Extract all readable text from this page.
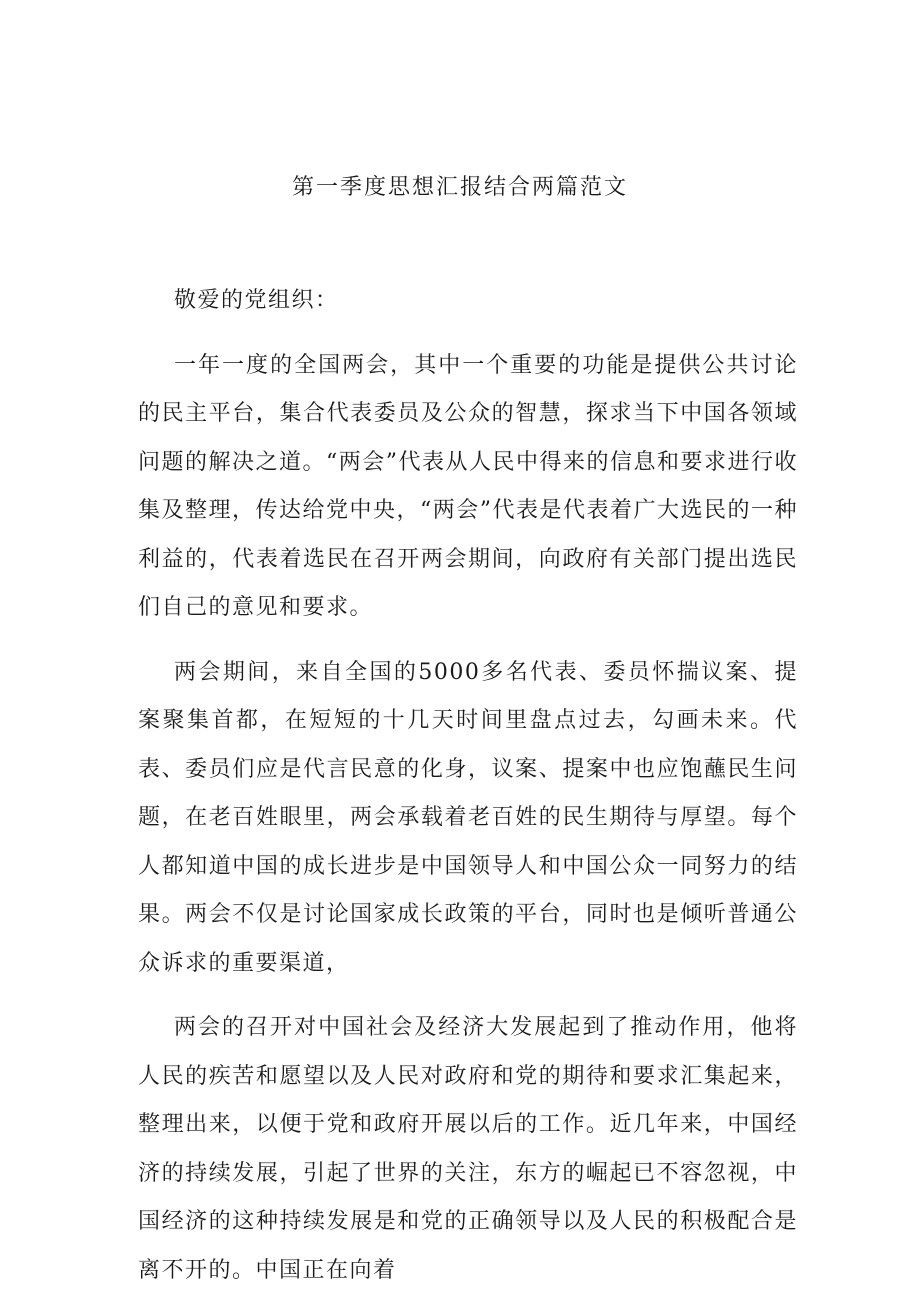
第一季度思想汇报结合两篇范文

敬爱的党组织：

一年一度的全国两会，其中一个重要的功能是提供公共讨论的民主平台，集合代表委员及公众的智慧，探求当下中国各领域问题的解决之道。“两会”代表从人民中得来的信息和要求进行收集及整理，传达给党中央，“两会”代表是代表着广大选民的一种利益的，代表着选民在召开两会期间，向政府有关部门提出选民们自己的意见和要求。

两会期间，来自全国的5000多名代表、委员怀揣议案、提案聚集首都，在短短的十几天时间里盘点过去，勾画未来。代表、委员们应是代言民意的化身，议案、提案中也应饱蘸民生问题，在老百姓眼里，两会承载着老百姓的民生期待与厚望。每个人都知道中国的成长进步是中国领导人和中国公众一同努力的结果。两会不仅是讨论国家成长政策的平台，同时也是倾听普通公众诉求的重要渠道，

两会的召开对中国社会及经济大发展起到了推动作用，他将人民的疾苦和愿望以及人民对政府和党的期待和要求汇集起来，整理出来，以便于党和政府开展以后的工作。近几年来，中国经济的持续发展，引起了世界的关注，东方的崛起已不容忽视，中国经济的这种持续发展是和党的正确领导以及人民的积极配合是离不开的。中国正在向着
